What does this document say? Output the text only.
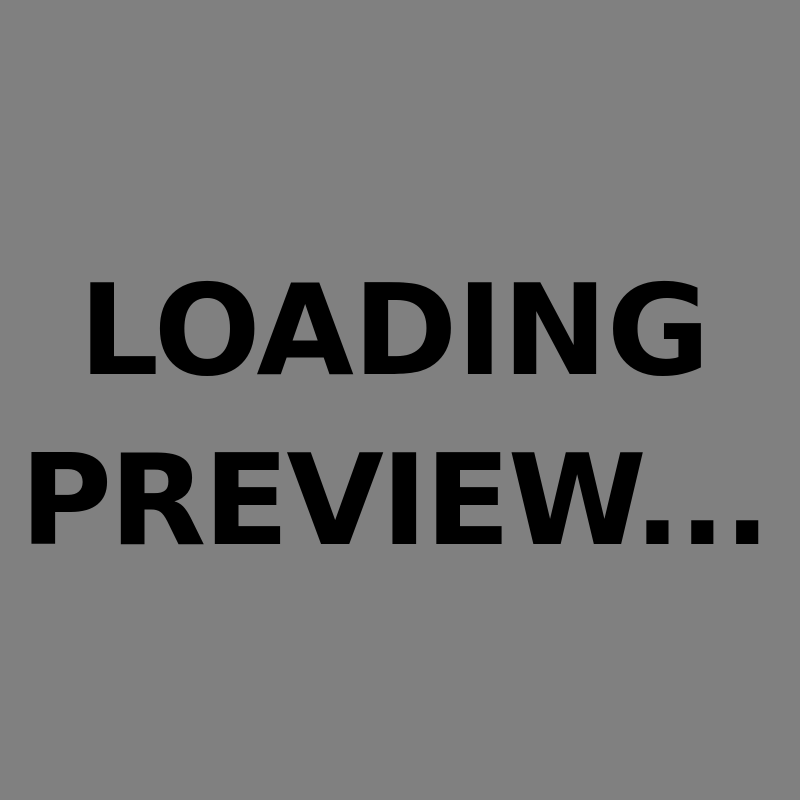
LOADING
PREVIEW...
